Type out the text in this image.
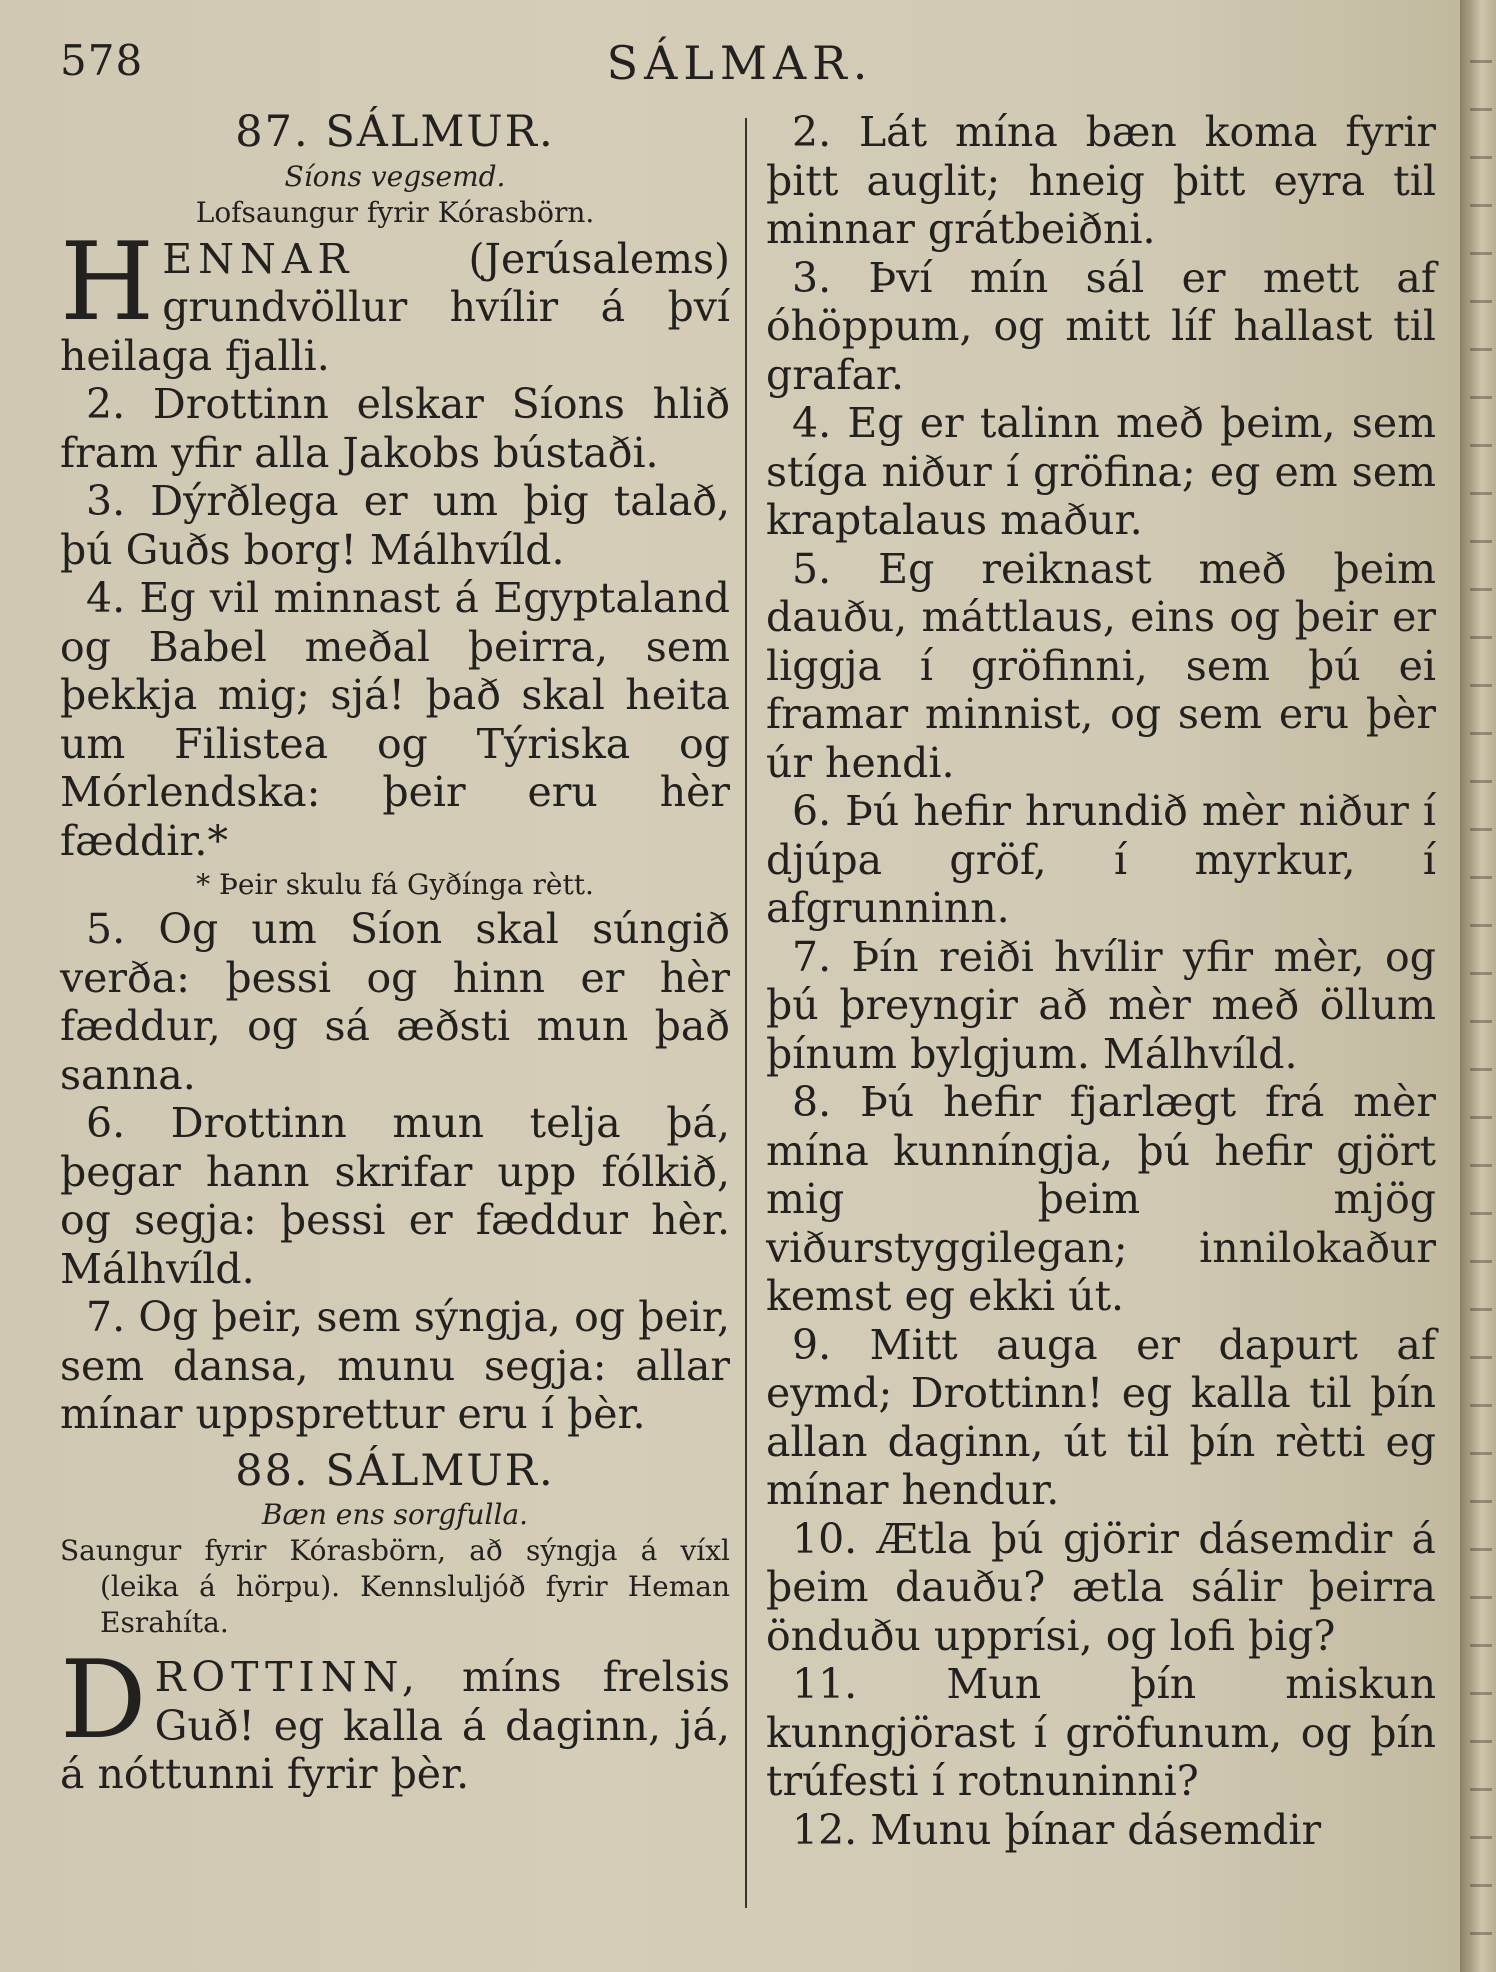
578	SÁLMAR.
87. SÁLMUR.
Síons vegsemd.
Lofsaungur fyrir Kórasbörn.

HENNAR (Jerúsalems) grundvöllur hvílir á því heilaga fjalli.

2. Drottinn elskar Síons hlið fram yfir alla Jakobs bústaði.

3. Dýrðlega er um þig talað, þú Guðs borg! Málhvíld.

4. Eg vil minnast á Egyptaland og Babel meðal þeirra, sem þekkja mig; sjá! það skal heita um Filistea og Týriska og Mórlendska: þeir eru hèr fæddir.*

* Þeir skulu fá Gyðínga rètt.

5. Og um Síon skal súngið verða: þessi og hinn er hèr fæddur, og sá æðsti mun það sanna.

6. Drottinn mun telja þá, þegar hann skrifar upp fólkið, og segja: þessi er fæddur hèr. Málhvíld.

7. Og þeir, sem sýngja, og þeir, sem dansa, munu segja: allar mínar uppsprettur eru í þèr.

88. SÁLMUR.
Bæn ens sorgfulla.
Saungur fyrir Kórasbörn, að sýngja á víxl (leika á hörpu). Kennsluljóð fyrir Heman Esrahíta.

DROTTINN, míns frelsis Guð! eg kalla á daginn, já, á nóttunni fyrir þèr.

2. Lát mína bæn koma fyrir þitt auglit; hneig þitt eyra til minnar grátbeiðni.

3. Því mín sál er mett af óhöppum, og mitt líf hallast til grafar.

4. Eg er talinn með þeim, sem stíga niður í gröfina; eg em sem kraptalaus maður.

5. Eg reiknast með þeim dauðu, máttlaus, eins og þeir er liggja í gröfinni, sem þú ei framar minnist, og sem eru þèr úr hendi.

6. Þú hefir hrundið mèr niður í djúpa gröf, í myrkur, í afgrunninn.

7. Þín reiði hvílir yfir mèr, og þú þreyngir að mèr með öllum þínum bylgjum. Málhvíld.

8. Þú hefir fjarlægt frá mèr mína kunníngja, þú hefir gjört mig þeim mjög viðurstyggilegan; innilokaður kemst eg ekki út.

9. Mitt auga er dapurt af eymd; Drottinn! eg kalla til þín allan daginn, út til þín rètti eg mínar hendur.

10. Ætla þú gjörir dásemdir á þeim dauðu? ætla sálir þeirra önduðu upprísi, og lofi þig?

11. Mun þín miskun kunngjörast í gröfunum, og þín trúfesti í rotnuninni?

12. Munu þínar dásemdir
